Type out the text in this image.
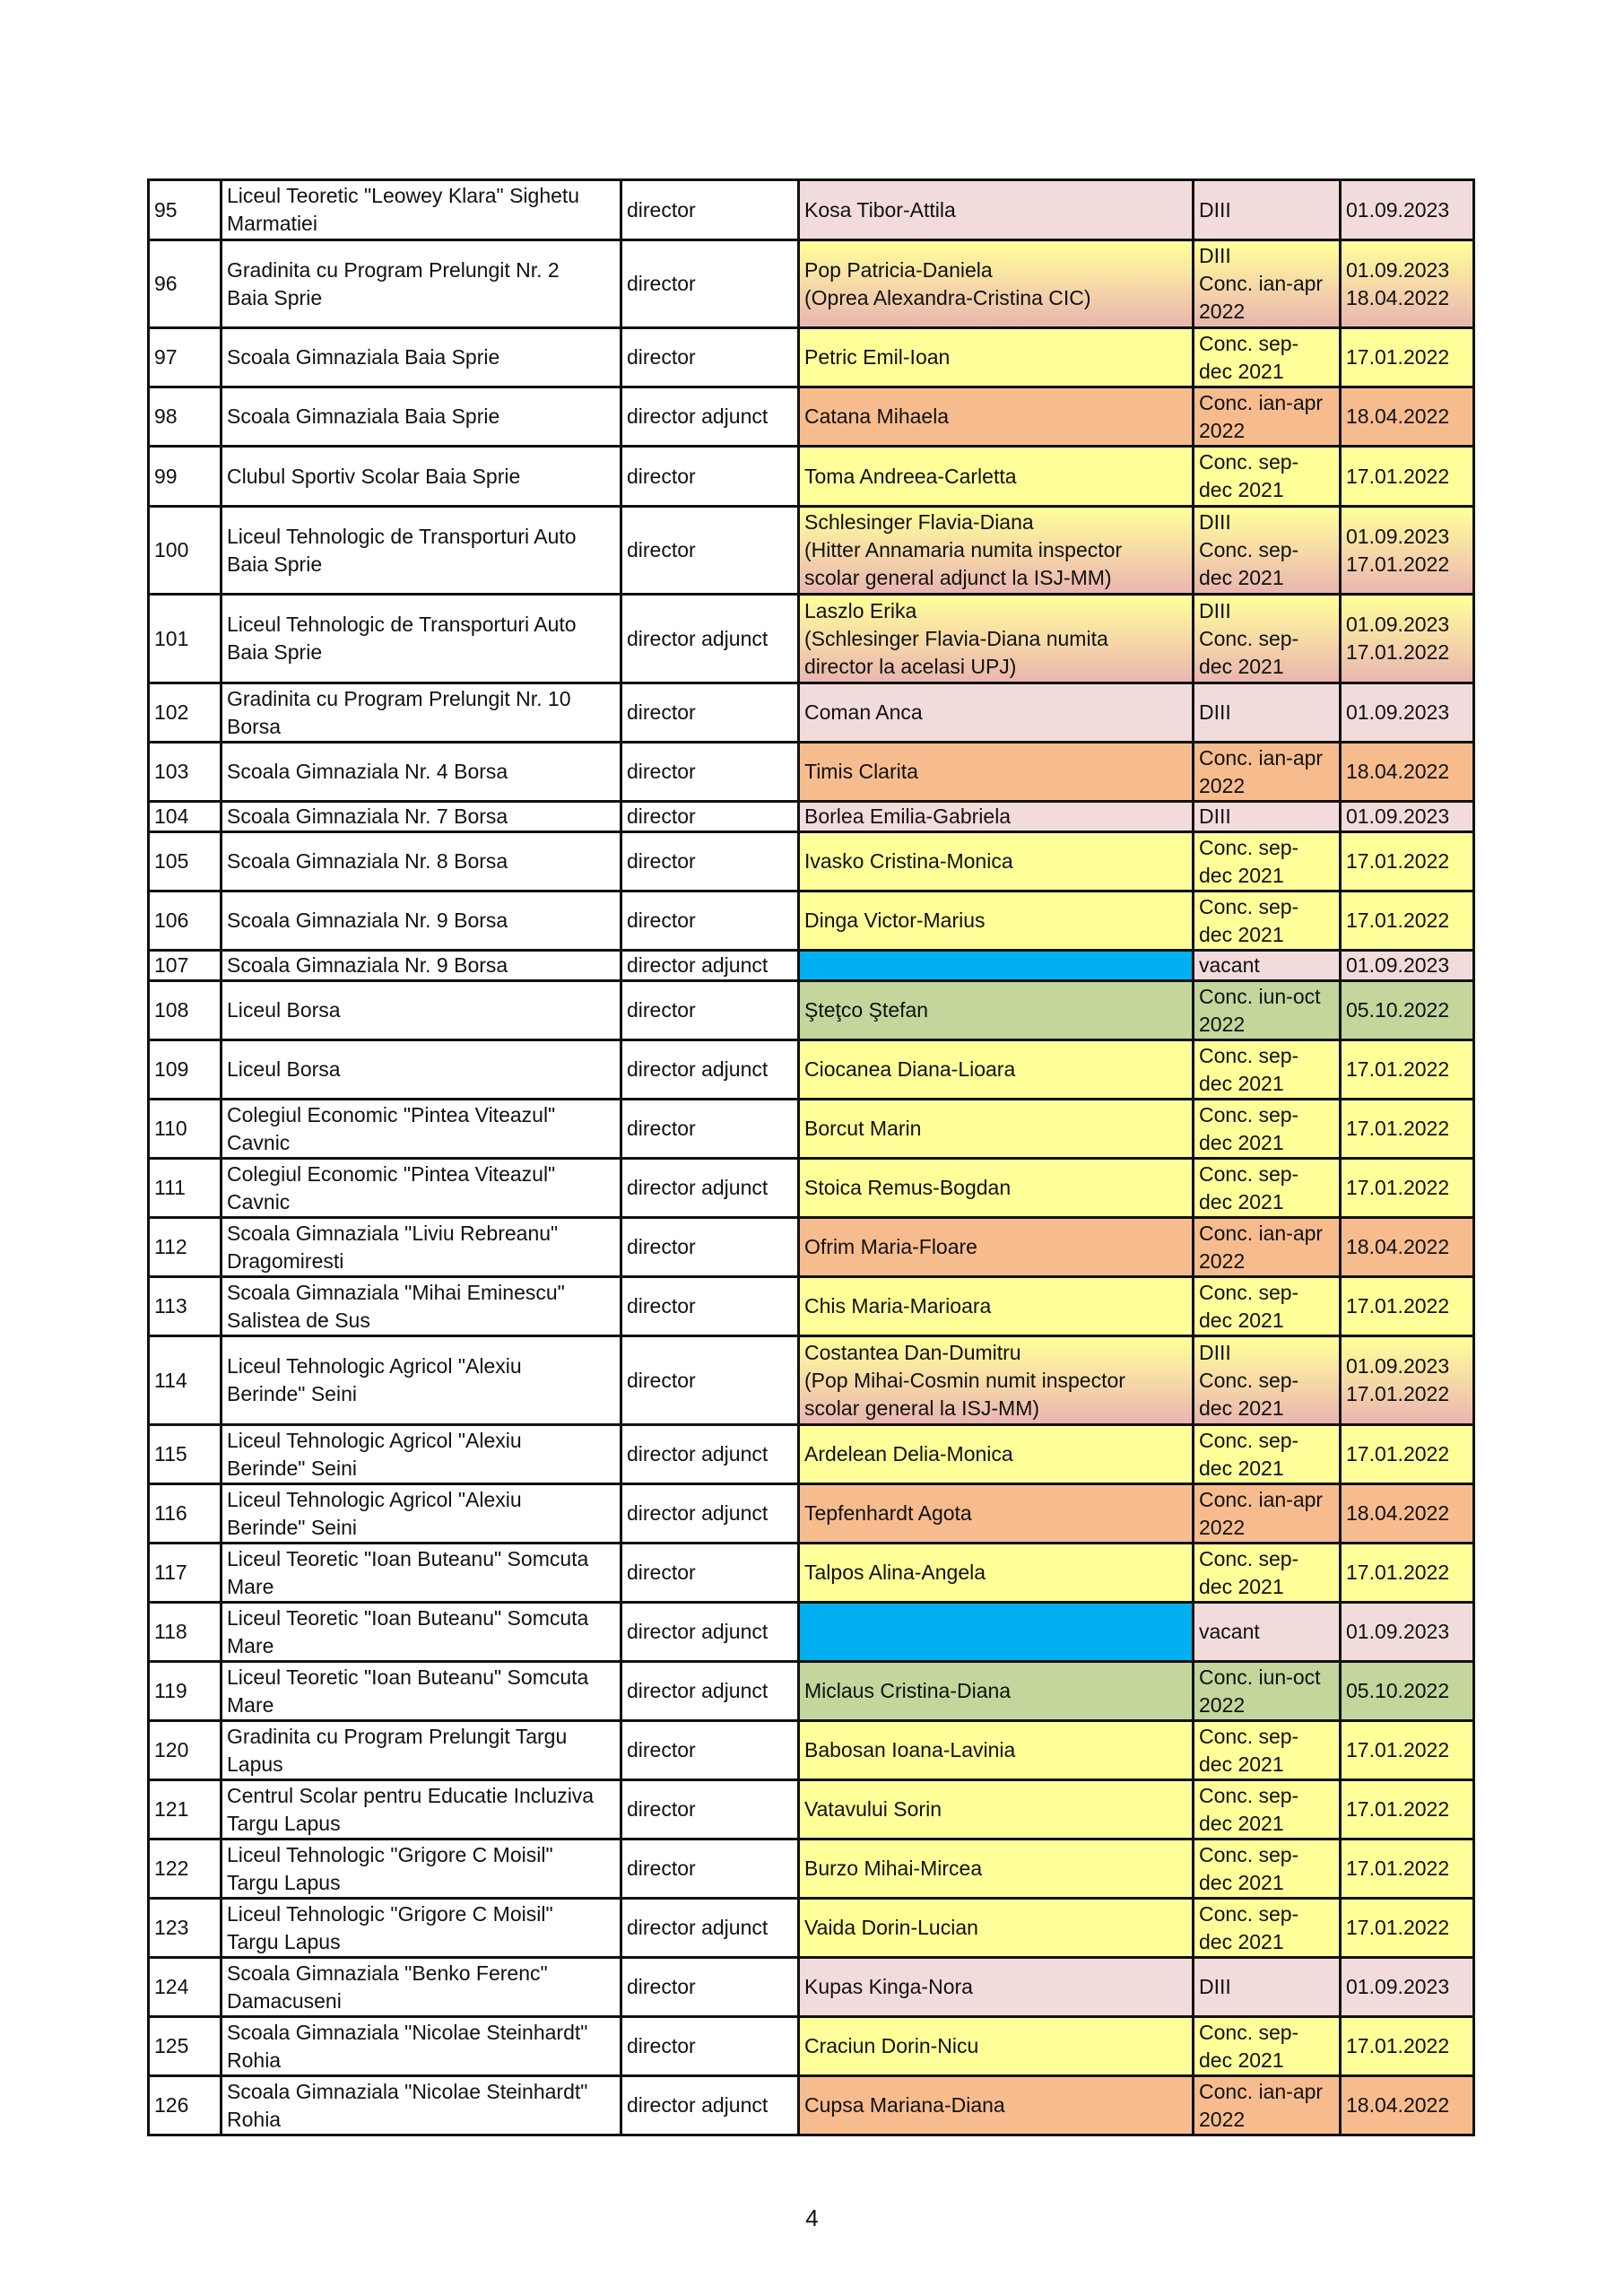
95	Liceul Teoretic "Leowey Klara" Sighetu
Marmatiei	director	Kosa Tibor-Attila	DIII	01.09.2023

96	Gradinita cu Program Prelungit Nr. 2
Baia Sprie	director	Pop Patricia-Daniela
(Oprea Alexandra-Cristina CIC)	DIII
Conc. ian-apr
2022	01.09.2023
18.04.2022

97	Scoala Gimnaziala Baia Sprie	director	Petric Emil-Ioan	Conc. sep-
dec 2021	17.01.2022

98	Scoala Gimnaziala Baia Sprie	director adjunct	Catana Mihaela	Conc. ian-apr
2022	18.04.2022

99	Clubul Sportiv Scolar Baia Sprie	director	Toma Andreea-Carletta	Conc. sep-
dec 2021	17.01.2022

100	Liceul Tehnologic de Transporturi Auto
Baia Sprie	director	Schlesinger Flavia-Diana
(Hitter Annamaria numita inspector
scolar general adjunct la ISJ-MM)	DIII
Conc. sep-
dec 2021	01.09.2023
17.01.2022

101	Liceul Tehnologic de Transporturi Auto
Baia Sprie	director adjunct	Laszlo Erika
(Schlesinger Flavia-Diana numita
director la acelasi UPJ)	DIII
Conc. sep-
dec 2021	01.09.2023
17.01.2022

102	Gradinita cu Program Prelungit Nr. 10
Borsa	director	Coman Anca	DIII	01.09.2023

103	Scoala Gimnaziala Nr. 4 Borsa	director	Timis Clarita	Conc. ian-apr
2022	18.04.2022

104	Scoala Gimnaziala Nr. 7 Borsa	director	Borlea Emilia-Gabriela	DIII	01.09.2023

105	Scoala Gimnaziala Nr. 8 Borsa	director	Ivasko Cristina-Monica	Conc. sep-
dec 2021	17.01.2022

106	Scoala Gimnaziala Nr. 9 Borsa	director	Dinga Victor-Marius	Conc. sep-
dec 2021	17.01.2022

107	Scoala Gimnaziala Nr. 9 Borsa	director adjunct		vacant	01.09.2023

108	Liceul Borsa	director	Şteţco Ştefan	Conc. iun-oct
2022	05.10.2022

109	Liceul Borsa	director adjunct	Ciocanea Diana-Lioara	Conc. sep-
dec 2021	17.01.2022

110	Colegiul Economic "Pintea Viteazul"
Cavnic	director	Borcut Marin	Conc. sep-
dec 2021	17.01.2022

111	Colegiul Economic "Pintea Viteazul"
Cavnic	director adjunct	Stoica Remus-Bogdan	Conc. sep-
dec 2021	17.01.2022

112	Scoala Gimnaziala "Liviu Rebreanu"
Dragomiresti	director	Ofrim Maria-Floare	Conc. ian-apr
2022	18.04.2022

113	Scoala Gimnaziala "Mihai Eminescu"
Salistea de Sus	director	Chis Maria-Marioara	Conc. sep-
dec 2021	17.01.2022

114	Liceul Tehnologic Agricol "Alexiu
Berinde" Seini	director	Costantea Dan-Dumitru
(Pop Mihai-Cosmin numit inspector
scolar general la ISJ-MM)	DIII
Conc. sep-
dec 2021	01.09.2023
17.01.2022

115	Liceul Tehnologic Agricol "Alexiu
Berinde" Seini	director adjunct	Ardelean Delia-Monica	Conc. sep-
dec 2021	17.01.2022

116	Liceul Tehnologic Agricol "Alexiu
Berinde" Seini	director adjunct	Tepfenhardt Agota	Conc. ian-apr
2022	18.04.2022

117	Liceul Teoretic "Ioan Buteanu" Somcuta
Mare	director	Talpos Alina-Angela	Conc. sep-
dec 2021	17.01.2022

118	Liceul Teoretic "Ioan Buteanu" Somcuta
Mare	director adjunct		vacant	01.09.2023

119	Liceul Teoretic "Ioan Buteanu" Somcuta
Mare	director adjunct	Miclaus Cristina-Diana	Conc. iun-oct
2022	05.10.2022

120	Gradinita cu Program Prelungit Targu
Lapus	director	Babosan Ioana-Lavinia	Conc. sep-
dec 2021	17.01.2022

121	Centrul Scolar pentru Educatie Incluziva
Targu Lapus	director	Vatavului Sorin	Conc. sep-
dec 2021	17.01.2022

122	Liceul Tehnologic "Grigore C Moisil"
Targu Lapus	director	Burzo Mihai-Mircea	Conc. sep-
dec 2021	17.01.2022

123	Liceul Tehnologic "Grigore C Moisil"
Targu Lapus	director adjunct	Vaida Dorin-Lucian	Conc. sep-
dec 2021	17.01.2022

124	Scoala Gimnaziala "Benko Ferenc"
Damacuseni	director	Kupas Kinga-Nora	DIII	01.09.2023

125	Scoala Gimnaziala "Nicolae Steinhardt"
Rohia	director	Craciun Dorin-Nicu	Conc. sep-
dec 2021	17.01.2022

126	Scoala Gimnaziala "Nicolae Steinhardt"
Rohia	director adjunct	Cupsa Mariana-Diana	Conc. ian-apr
2022	18.04.2022
4
